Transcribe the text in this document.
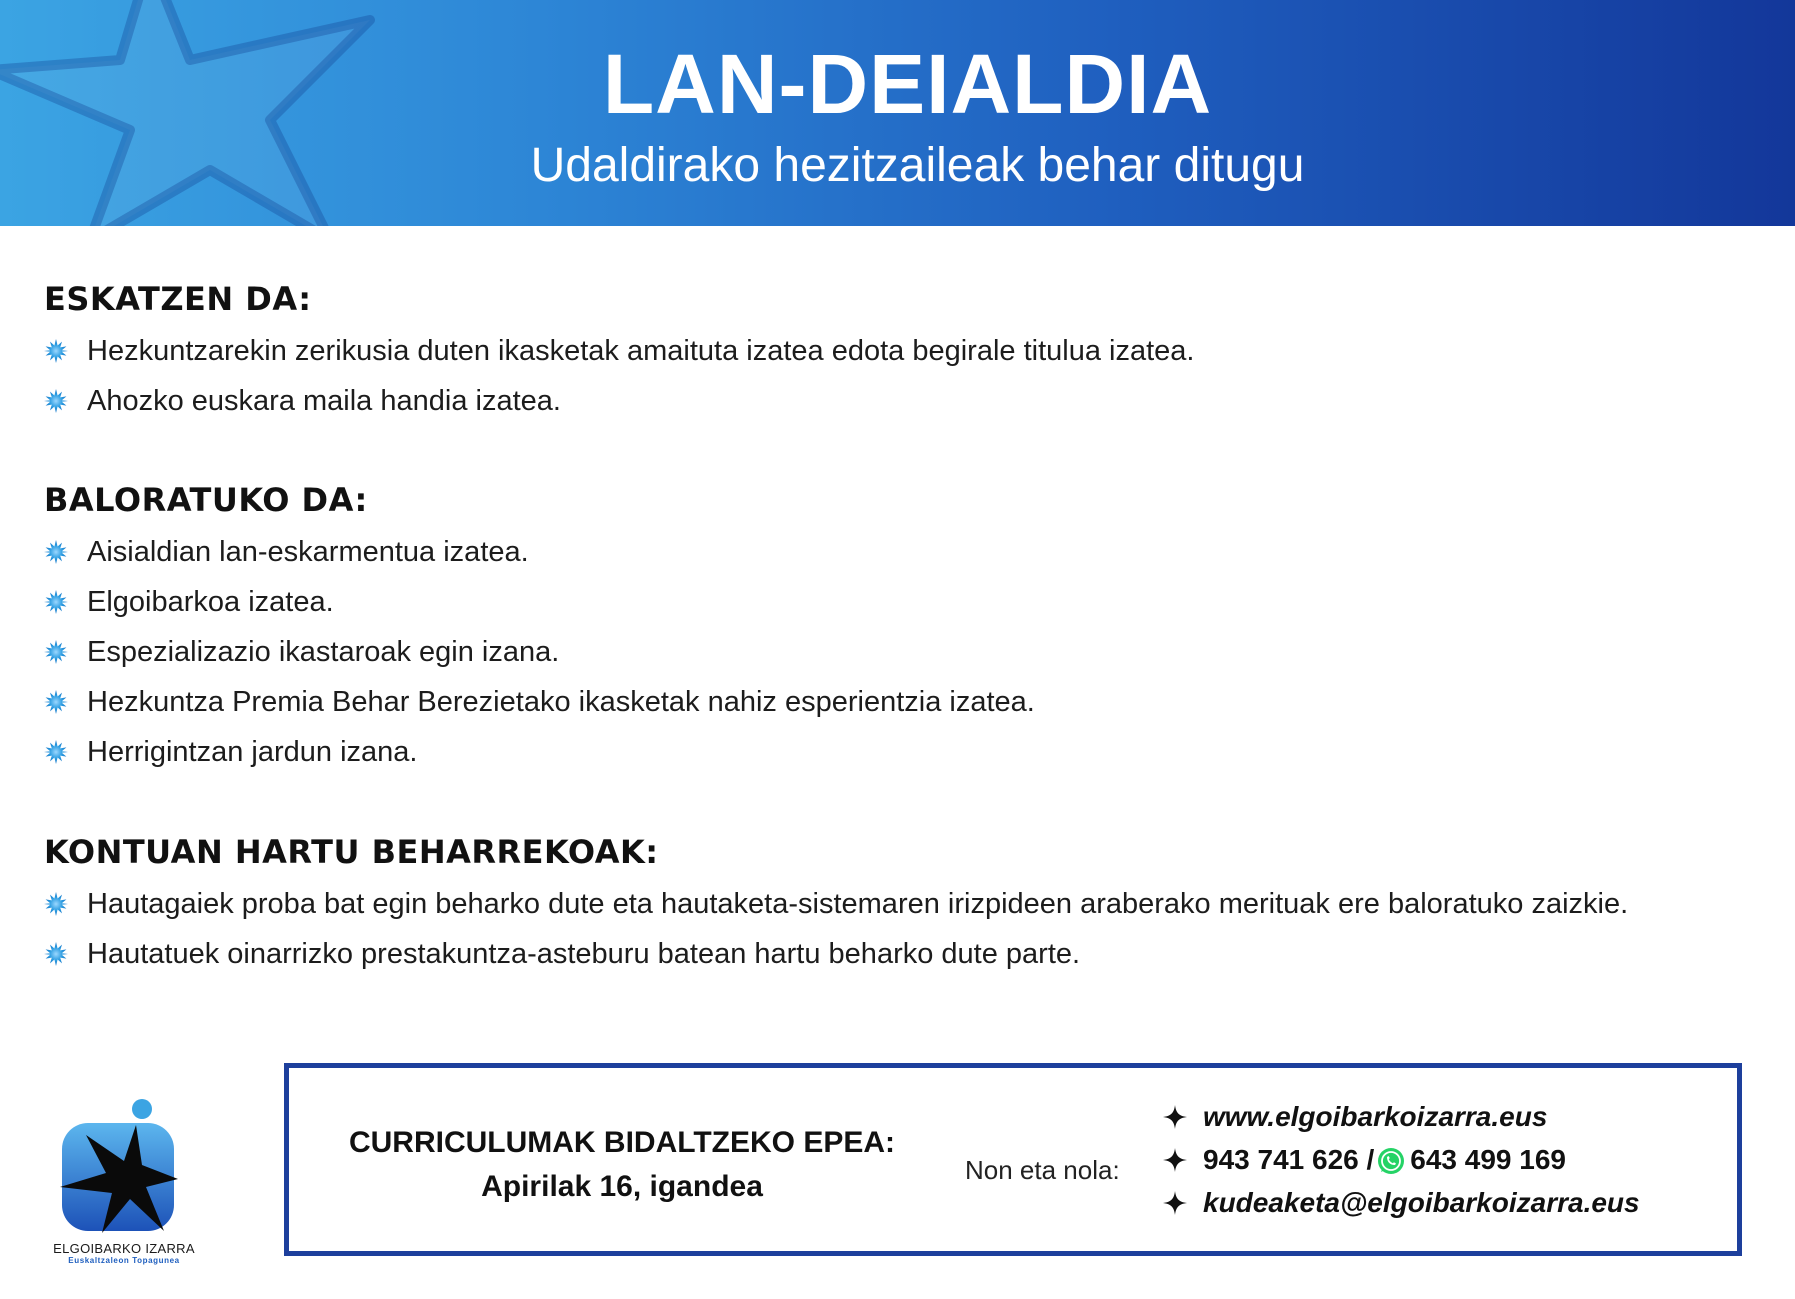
LAN-DEIALDIA
Udaldirako hezitzaileak behar ditugu
ESKATZEN DA:
Hezkuntzarekin zerikusia duten ikasketak amaituta izatea edota begirale titulua izatea.
Ahozko euskara maila handia izatea.
BALORATUKO DA:
Aisialdian lan-eskarmentua izatea.
Elgoibarkoa izatea.
Espezializazio ikastaroak egin izana.
Hezkuntza Premia Behar Berezietako ikasketak nahiz esperientzia izatea.
Herrigintzan jardun izana.
KONTUAN HARTU BEHARREKOAK:
Hautagaiek proba bat egin beharko dute eta hautaketa-sistemaren irizpideen araberako merituak ere baloratuko zaizkie.
Hautatuek oinarrizko prestakuntza-asteburu batean hartu beharko dute parte.
ELGOIBARKO IZARRA
Euskaltzaleon Topagunea
CURRICULUMAK BIDALTZEKO EPEA:
Apirilak 16, igandea	Non eta nola:
www.elgoibarkoizarra.eus
943 741 626 / 643 499 169
kudeaketa@elgoibarkoizarra.eus
